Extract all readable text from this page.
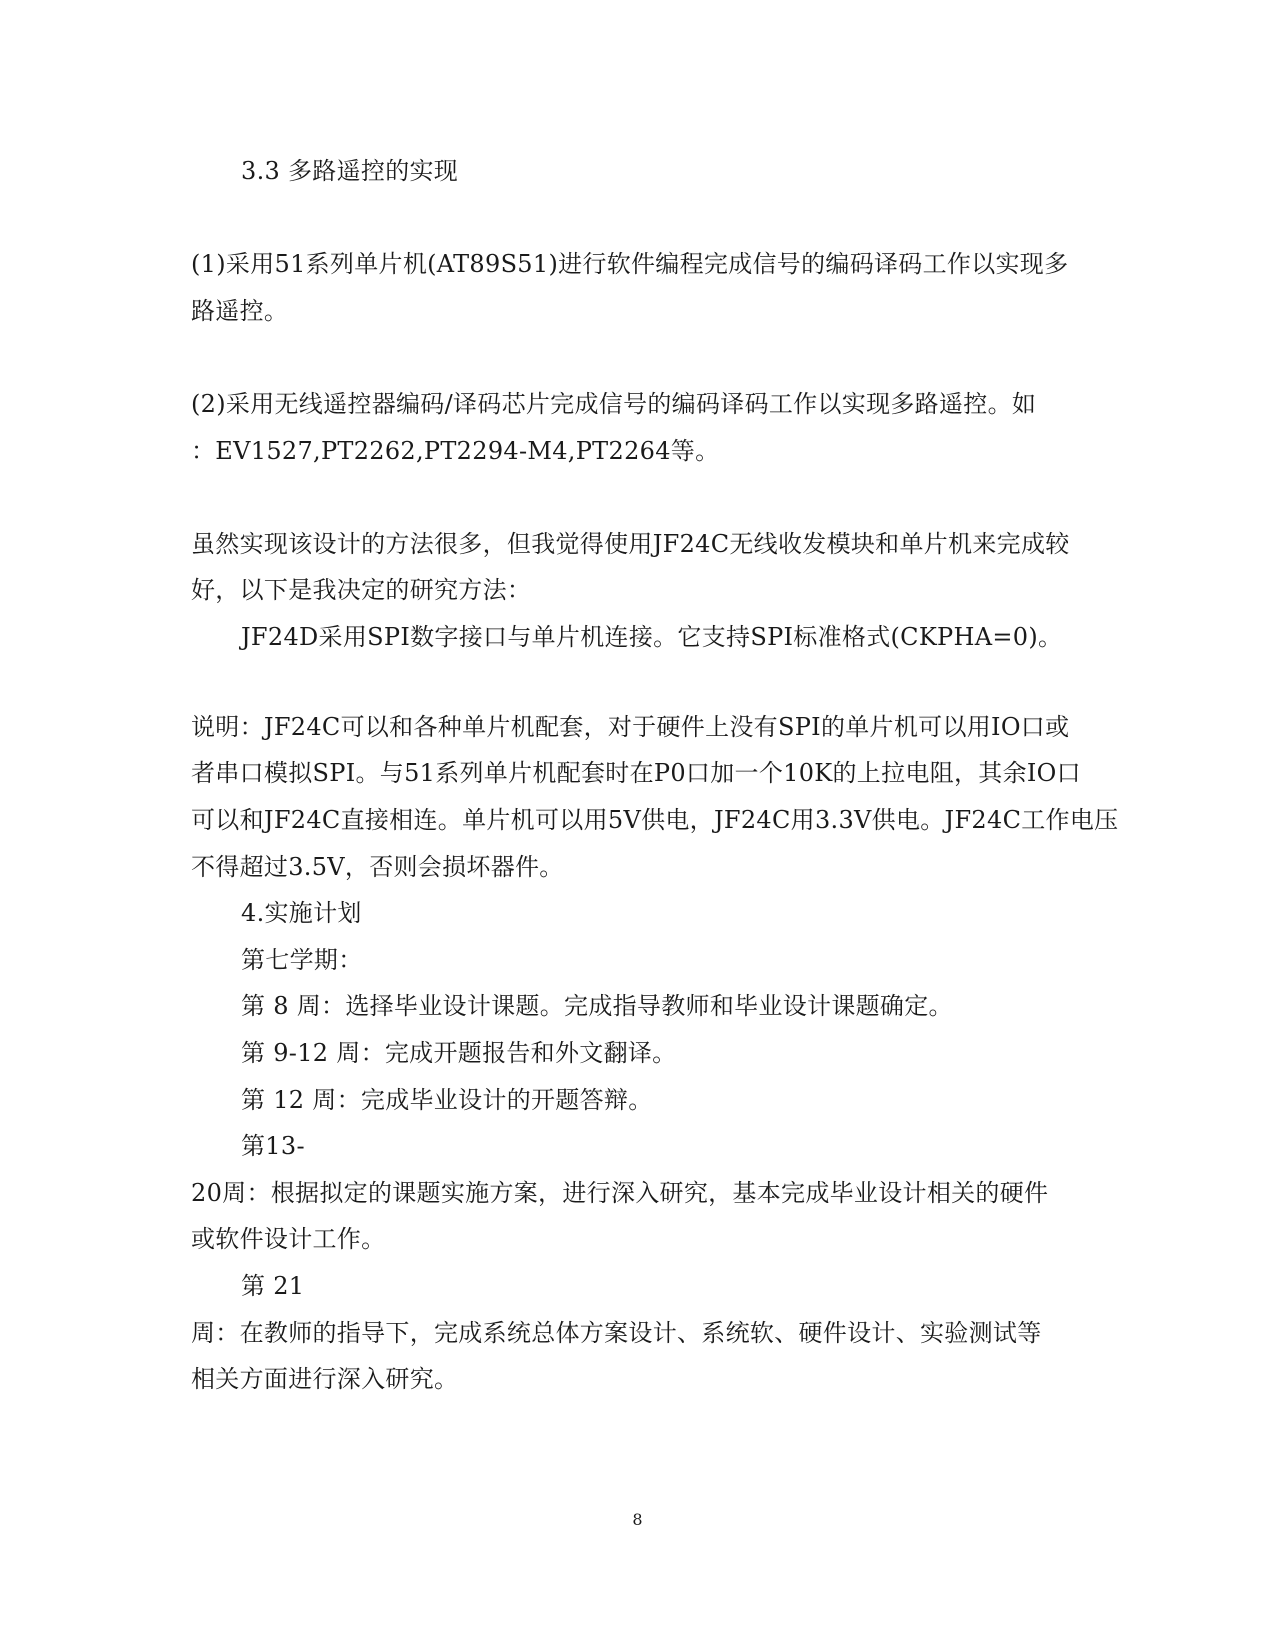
3.3 多路遥控的实现
(1)采用51系列单片机(AT89S51)进行软件编程完成信号的编码译码工作以实现多
路遥控。
(2)采用无线遥控器编码/译码芯片完成信号的编码译码工作以实现多路遥控。如
：EV1527,PT2262,PT2294-M4,PT2264等。
虽然实现该设计的方法很多，但我觉得使用JF24C无线收发模块和单片机来完成较
好，以下是我决定的研究方法：
JF24D采用SPI数字接口与单片机连接。它支持SPI标准格式(CKPHA=0)。
说明：JF24C可以和各种单片机配套，对于硬件上没有SPI的单片机可以用IO口或
者串口模拟SPI。与51系列单片机配套时在P0口加一个10K的上拉电阻，其余IO口
可以和JF24C直接相连。单片机可以用5V供电，JF24C用3.3V供电。JF24C工作电压
不得超过3.5V，否则会损坏器件。
4.实施计划
第七学期：
第 8 周：选择毕业设计课题。完成指导教师和毕业设计课题确定。
第 9-12 周：完成开题报告和外文翻译。
第 12 周：完成毕业设计的开题答辩。
第13-
20周：根据拟定的课题实施方案，进行深入研究，基本完成毕业设计相关的硬件
或软件设计工作。
第 21
周：在教师的指导下，完成系统总体方案设计、系统软、硬件设计、实验测试等
相关方面进行深入研究。
8
